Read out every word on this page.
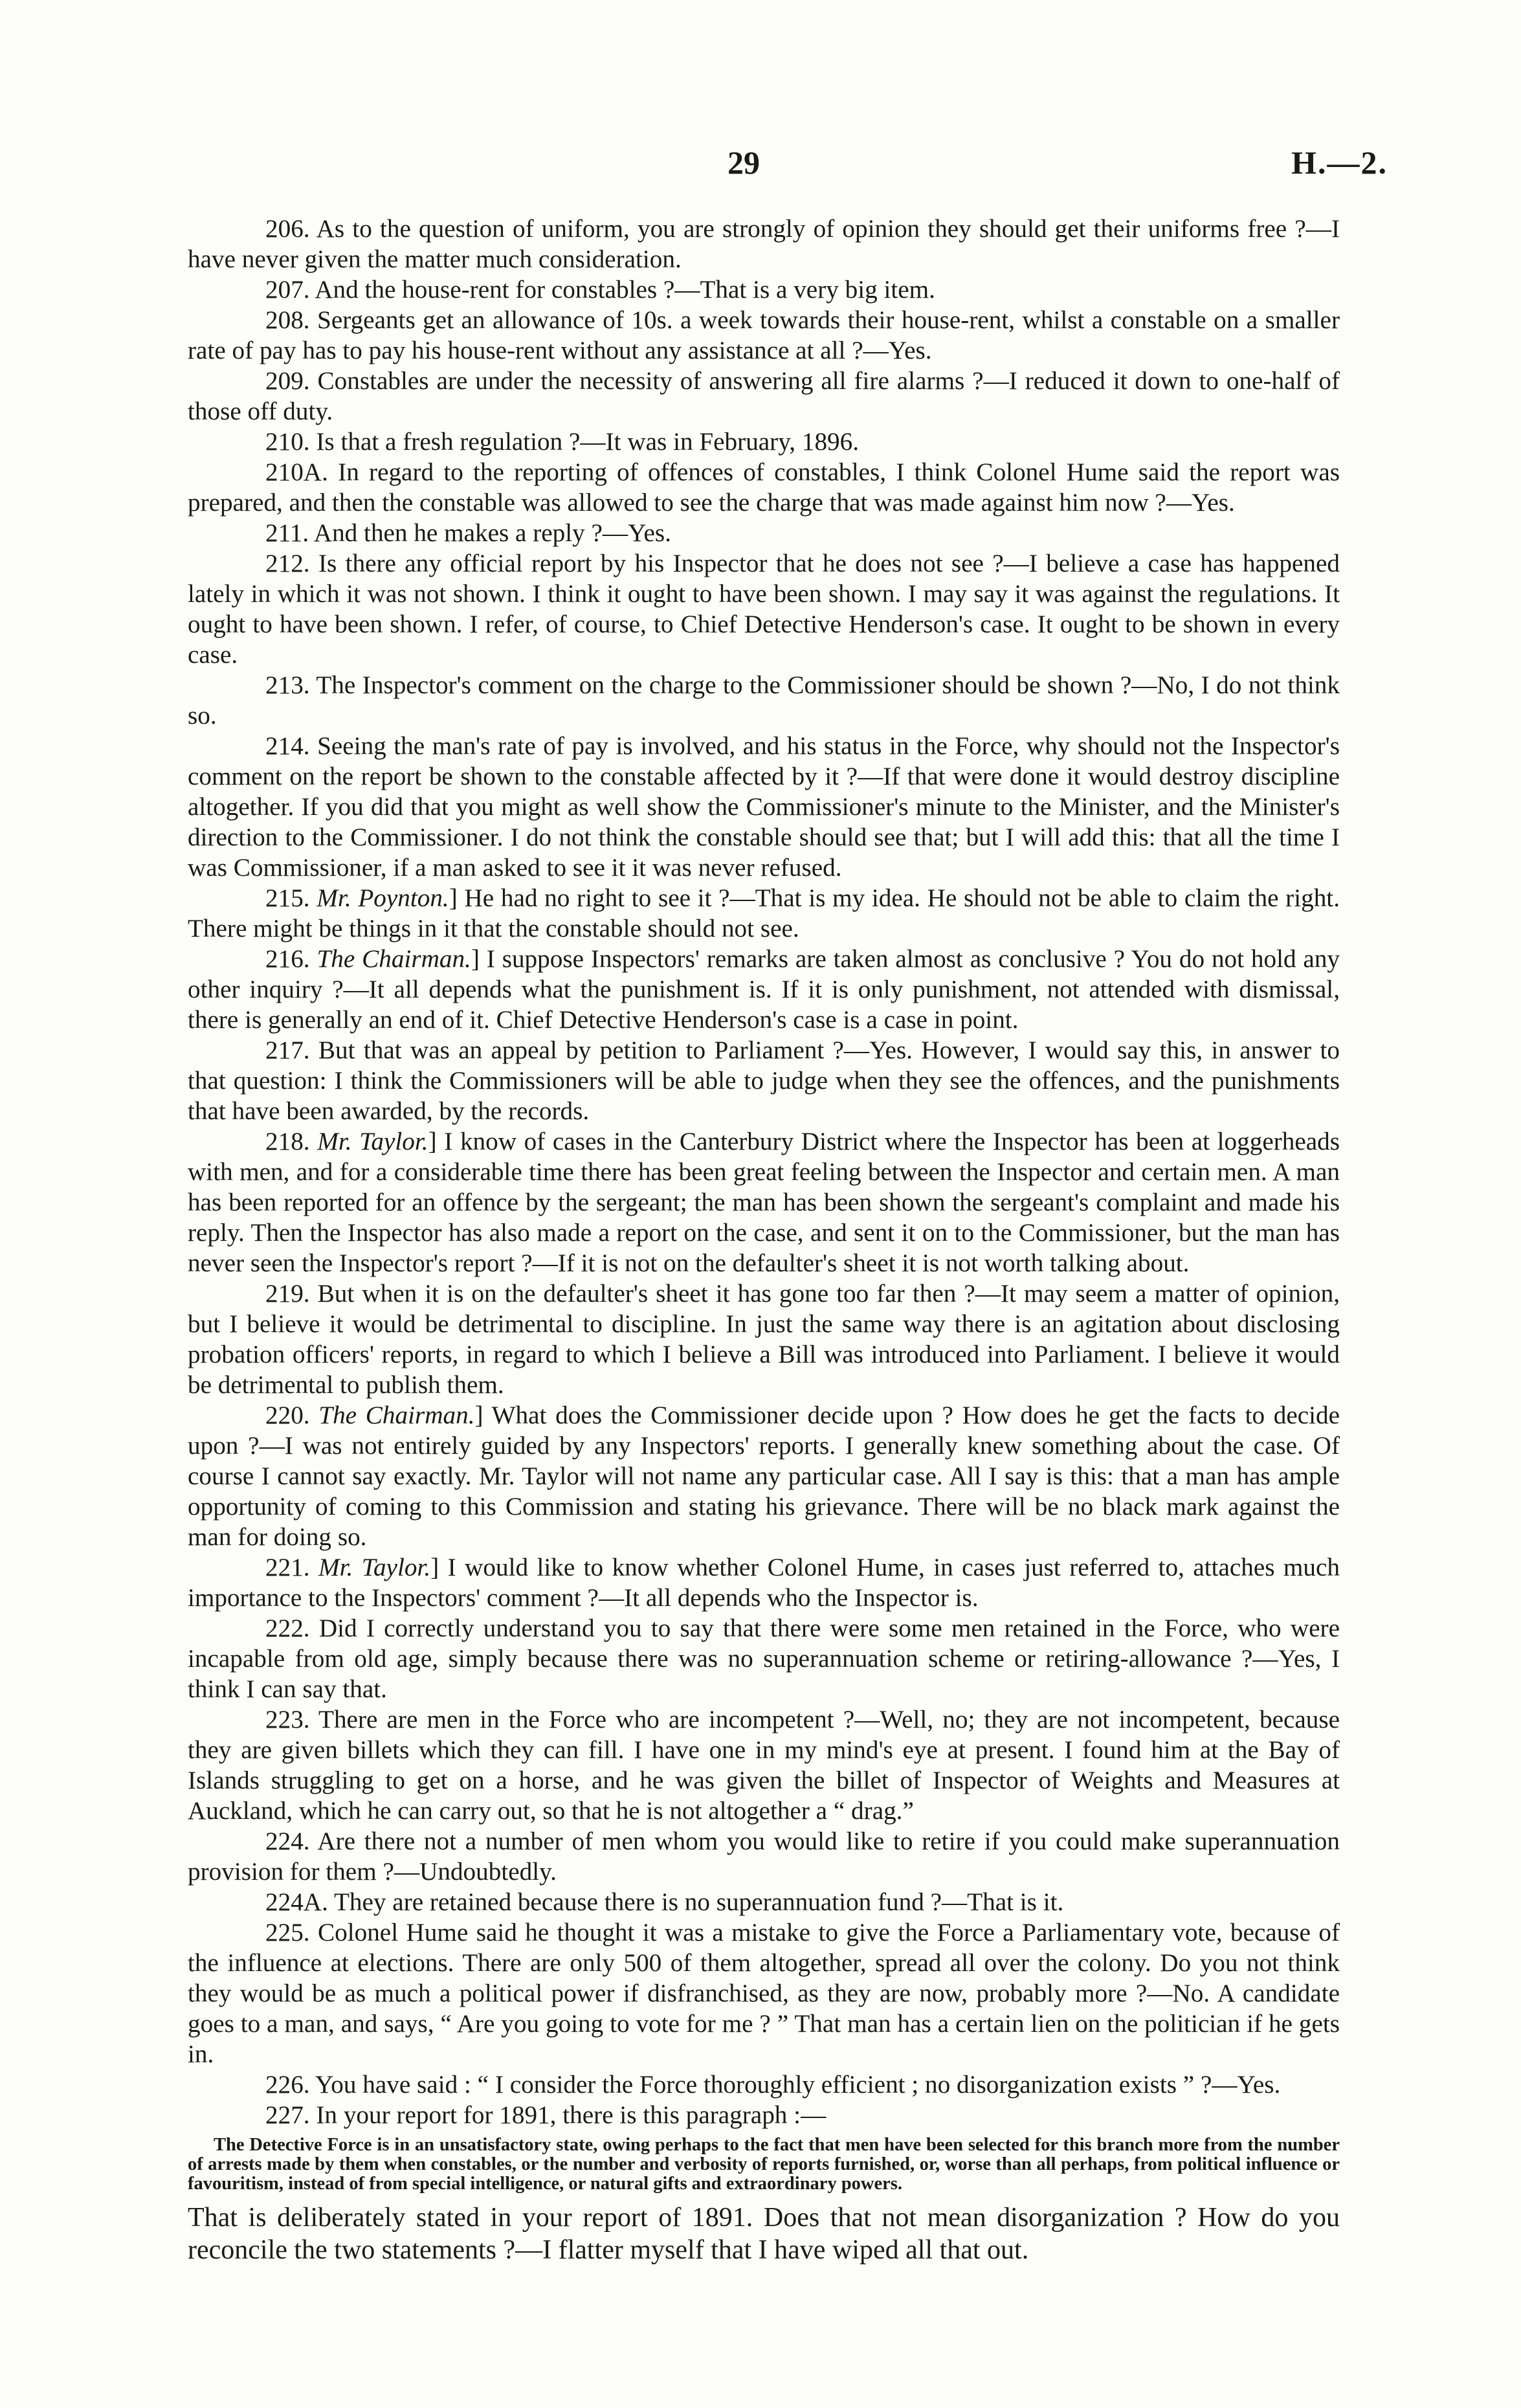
29	H.—2.

206. As to the question of uniform, you are strongly of opinion they should get their uniforms free ?—I have never given the matter much consideration.

207. And the house-rent for constables ?—That is a very big item.

208. Sergeants get an allowance of 10s. a week towards their house-rent, whilst a constable on a smaller rate of pay has to pay his house-rent without any assistance at all ?—Yes.

209. Constables are under the necessity of answering all fire alarms ?—I reduced it down to one-half of those off duty.

210. Is that a fresh regulation ?—It was in February, 1896.

210A. In regard to the reporting of offences of constables, I think Colonel Hume said the report was prepared, and then the constable was allowed to see the charge that was made against him now ?—Yes.

211. And then he makes a reply ?—Yes.

212. Is there any official report by his Inspector that he does not see ?—I believe a case has happened lately in which it was not shown. I think it ought to have been shown. I may say it was against the regulations. It ought to have been shown. I refer, of course, to Chief Detective Henderson's case. It ought to be shown in every case.

213. The Inspector's comment on the charge to the Commissioner should be shown ?—No, I do not think so.

214. Seeing the man's rate of pay is involved, and his status in the Force, why should not the Inspector's comment on the report be shown to the constable affected by it ?—If that were done it would destroy discipline altogether. If you did that you might as well show the Commissioner's minute to the Minister, and the Minister's direction to the Commissioner. I do not think the constable should see that; but I will add this: that all the time I was Commissioner, if a man asked to see it it was never refused.

215. Mr. Poynton.] He had no right to see it ?—That is my idea. He should not be able to claim the right. There might be things in it that the constable should not see.

216. The Chairman.] I suppose Inspectors' remarks are taken almost as conclusive ? You do not hold any other inquiry ?—It all depends what the punishment is. If it is only punishment, not attended with dismissal, there is generally an end of it. Chief Detective Henderson's case is a case in point.

217. But that was an appeal by petition to Parliament ?—Yes. However, I would say this, in answer to that question: I think the Commissioners will be able to judge when they see the offences, and the punishments that have been awarded, by the records.

218. Mr. Taylor.] I know of cases in the Canterbury District where the Inspector has been at loggerheads with men, and for a considerable time there has been great feeling between the Inspector and certain men. A man has been reported for an offence by the sergeant; the man has been shown the sergeant's complaint and made his reply. Then the Inspector has also made a report on the case, and sent it on to the Commissioner, but the man has never seen the Inspector's report ?—If it is not on the defaulter's sheet it is not worth talking about.

219. But when it is on the defaulter's sheet it has gone too far then ?—It may seem a matter of opinion, but I believe it would be detrimental to discipline. In just the same way there is an agitation about disclosing probation officers' reports, in regard to which I believe a Bill was introduced into Parliament. I believe it would be detrimental to publish them.

220. The Chairman.] What does the Commissioner decide upon ? How does he get the facts to decide upon ?—I was not entirely guided by any Inspectors' reports. I generally knew something about the case. Of course I cannot say exactly. Mr. Taylor will not name any particular case. All I say is this: that a man has ample opportunity of coming to this Commission and stating his grievance. There will be no black mark against the man for doing so.

221. Mr. Taylor.] I would like to know whether Colonel Hume, in cases just referred to, attaches much importance to the Inspectors' comment ?—It all depends who the Inspector is.

222. Did I correctly understand you to say that there were some men retained in the Force, who were incapable from old age, simply because there was no superannuation scheme or retiring-allowance ?—Yes, I think I can say that.

223. There are men in the Force who are incompetent ?—Well, no; they are not incompetent, because they are given billets which they can fill. I have one in my mind's eye at present. I found him at the Bay of Islands struggling to get on a horse, and he was given the billet of Inspector of Weights and Measures at Auckland, which he can carry out, so that he is not altogether a “ drag.”

224. Are there not a number of men whom you would like to retire if you could make superannuation provision for them ?—Undoubtedly.

224A. They are retained because there is no superannuation fund ?—That is it.

225. Colonel Hume said he thought it was a mistake to give the Force a Parliamentary vote, because of the influence at elections. There are only 500 of them altogether, spread all over the colony. Do you not think they would be as much a political power if disfranchised, as they are now, probably more ?—No. A candidate goes to a man, and says, “ Are you going to vote for me ? ” That man has a certain lien on the politician if he gets in.

226. You have said : “ I consider the Force thoroughly efficient ; no disorganization exists ” ?—Yes.

227. In your report for 1891, there is this paragraph :—

The Detective Force is in an unsatisfactory state, owing perhaps to the fact that men have been selected for this branch more from the number of arrests made by them when constables, or the number and verbosity of reports furnished, or, worse than all perhaps, from political influence or favouritism, instead of from special intelligence, or natural gifts and extraordinary powers.

That is deliberately stated in your report of 1891. Does that not mean disorganization ? How do you reconcile the two statements ?—I flatter myself that I have wiped all that out.
